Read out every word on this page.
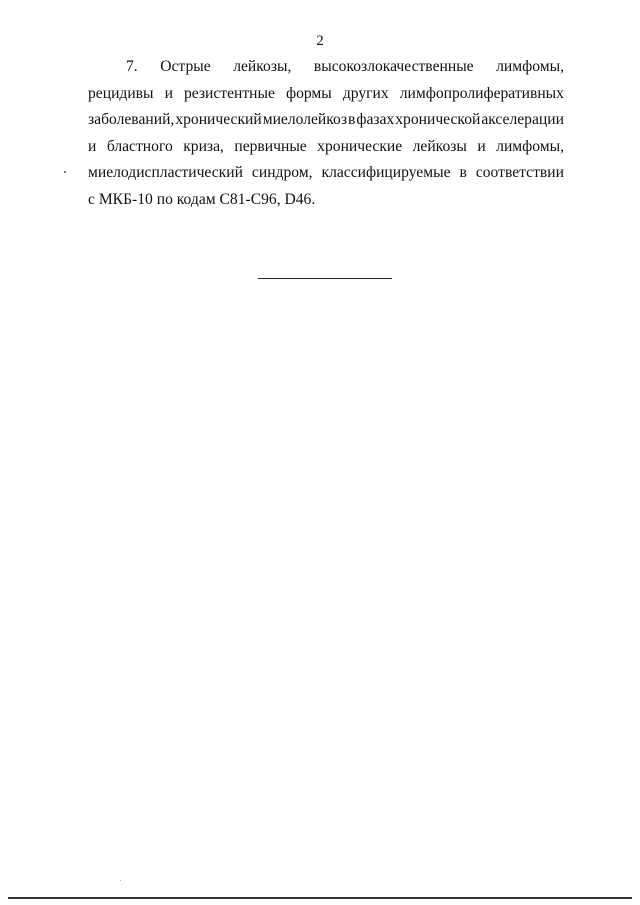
2
7. Острые лейкозы, высокозлокачественные лимфомы,
рецидивы и резистентные формы других лимфопролиферативных
заболеваний, хронический миелолейкоз в фазах хронической акселерации
и бластного криза, первичные хронические лейкозы и лимфомы,
миелодиспластический синдром, классифицируемые в соответствии
с МКБ-10 по кодам С81-С96, D46.
